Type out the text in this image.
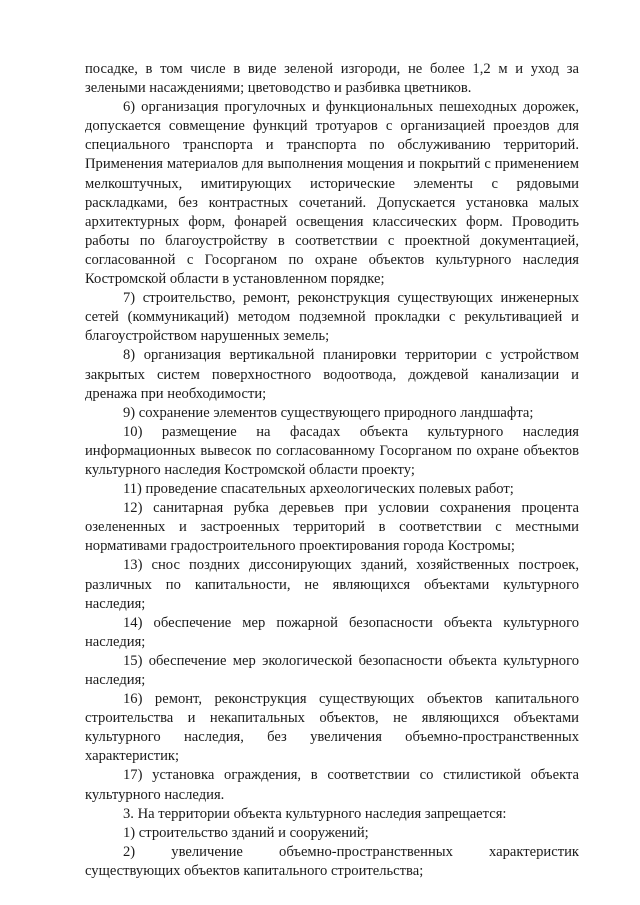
посадке, в том числе в виде зеленой изгороди, не более 1,2 м и уход за зелеными насаждениями; цветоводство и разбивка цветников.

6) организация прогулочных и функциональных пешеходных дорожек, допускается совмещение функций тротуаров с организацией проездов для специального транспорта и транспорта по обслуживанию территорий. Применения материалов для выполнения мощения и покрытий с применением мелкоштучных, имитирующих исторические элементы с рядовыми раскладками, без контрастных сочетаний. Допускается установка малых архитектурных форм, фонарей освещения классических форм. Проводить работы по благоустройству в соответствии с проектной документацией, согласованной с Госорганом по охране объектов культурного наследия Костромской области в установленном порядке;

7) строительство, ремонт, реконструкция существующих инженерных сетей (коммуникаций) методом подземной прокладки с рекультивацией и благоустройством нарушенных земель;

8) организация вертикальной планировки территории с устройством закрытых систем поверхностного водоотвода, дождевой канализации и дренажа при необходимости;

9) сохранение элементов существующего природного ландшафта;

10) размещение на фасадах объекта культурного наследия информационных вывесок по согласованному Госорганом по охране объектов культурного наследия Костромской области проекту;

11) проведение спасательных археологических полевых работ;

12) санитарная рубка деревьев при условии сохранения процента озелененных и застроенных территорий в соответствии с местными нормативами градостроительного проектирования города Костромы;

13) снос поздних диссонирующих зданий, хозяйственных построек, различных по капитальности, не являющихся объектами культурного наследия;

14) обеспечение мер пожарной безопасности объекта культурного наследия;

15) обеспечение мер экологической безопасности объекта культурного наследия;

16) ремонт, реконструкция существующих объектов капитального строительства и некапитальных объектов, не являющихся объектами культурного наследия, без увеличения объемно-пространственных характеристик;

17) установка ограждения, в соответствии со стилистикой объекта культурного наследия.

3. На территории объекта культурного наследия запрещается:

1) строительство зданий и сооружений;

2) увеличение объемно-пространственных характеристик существующих объектов капитального строительства;
